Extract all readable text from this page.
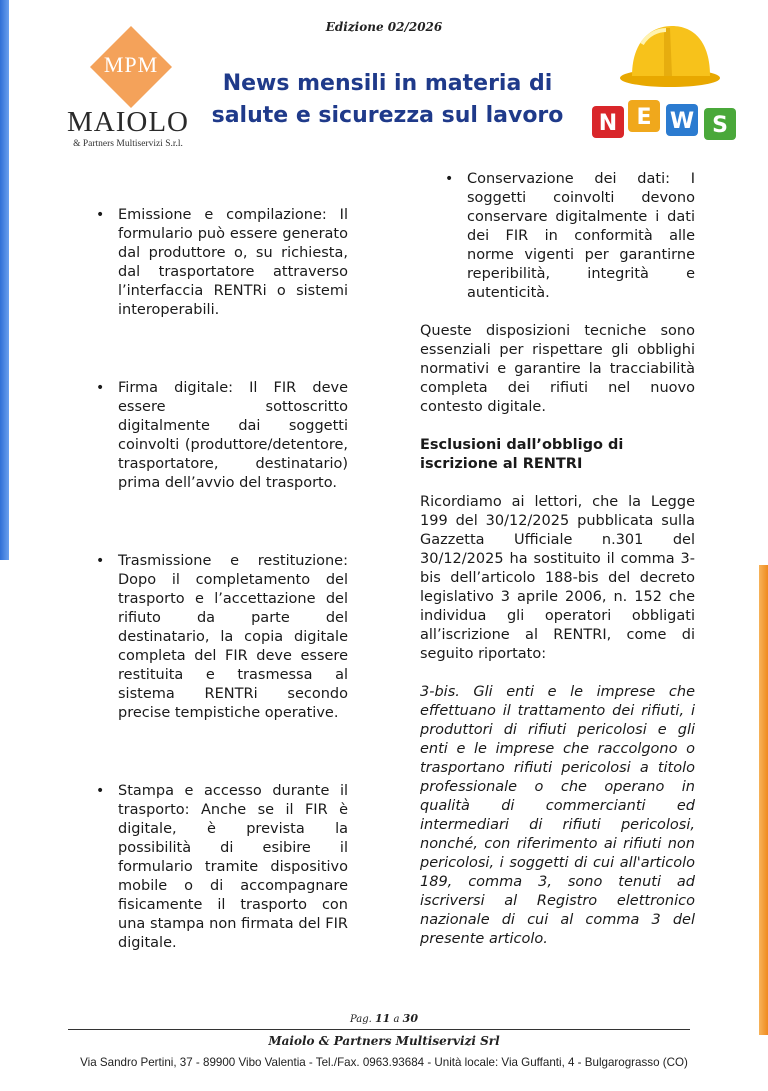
Edizione 02/2026
MPM
MAIOLO
& Partners Multiservizi S.r.l.
News mensili in materia di
salute e sicurezza sul lavoro N E W S
• Emissione e compilazione: Il formulario può essere generato dal produttore o, su richiesta, dal trasportatore attraverso l’interfaccia RENTRi o sistemi interoperabili.
• Firma digitale: Il FIR deve essere sottoscritto digitalmente dai soggetti coinvolti (produttore/detentore, trasportatore, destinatario) prima dell’avvio del trasporto.
• Trasmissione e restituzione: Dopo il completamento del trasporto e l’accettazione del rifiuto da parte del destinatario, la copia digitale completa del FIR deve essere restituita e trasmessa al sistema RENTRi secondo precise tempistiche operative.
• Stampa e accesso durante il trasporto: Anche se il FIR è digitale, è prevista la possibilità di esibire il formulario tramite dispositivo mobile o di accompagnare fisicamente il trasporto con una stampa non firmata del FIR digitale.
• Conservazione dei dati: I soggetti coinvolti devono conservare digitalmente i dati dei FIR in conformità alle norme vigenti per garantirne reperibilità, integrità e autenticità.

Queste disposizioni tecniche sono essenziali per rispettare gli obblighi normativi e garantire la tracciabilità completa dei rifiuti nel nuovo contesto digitale.

Esclusioni dall’obbligo di iscrizione al RENTRI

Ricordiamo ai lettori, che la Legge 199 del 30/12/2025 pubblicata sulla Gazzetta Ufficiale n.301 del 30/12/2025 ha sostituito il comma 3-bis dell’articolo 188-bis del decreto legislativo 3 aprile 2006, n. 152 che individua gli operatori obbligati all’iscrizione al RENTRI, come di seguito riportato:

3-bis. Gli enti e le imprese che effettuano il trattamento dei rifiuti, i produttori di rifiuti pericolosi e gli enti e le imprese che raccolgono o trasportano rifiuti pericolosi a titolo professionale o che operano in qualità di commercianti ed intermediari di rifiuti pericolosi, nonché, con riferimento ai rifiuti non pericolosi, i soggetti di cui all'articolo 189, comma 3, sono tenuti ad iscriversi al Registro elettronico nazionale di cui al comma 3 del presente articolo.

Pag. 11 a 30
Maiolo & Partners Multiservizi Srl
Via Sandro Pertini, 37 - 89900 Vibo Valentia - Tel./Fax. 0963.93684 - Unità locale: Via Guffanti, 4 - Bulgarograsso (CO)
